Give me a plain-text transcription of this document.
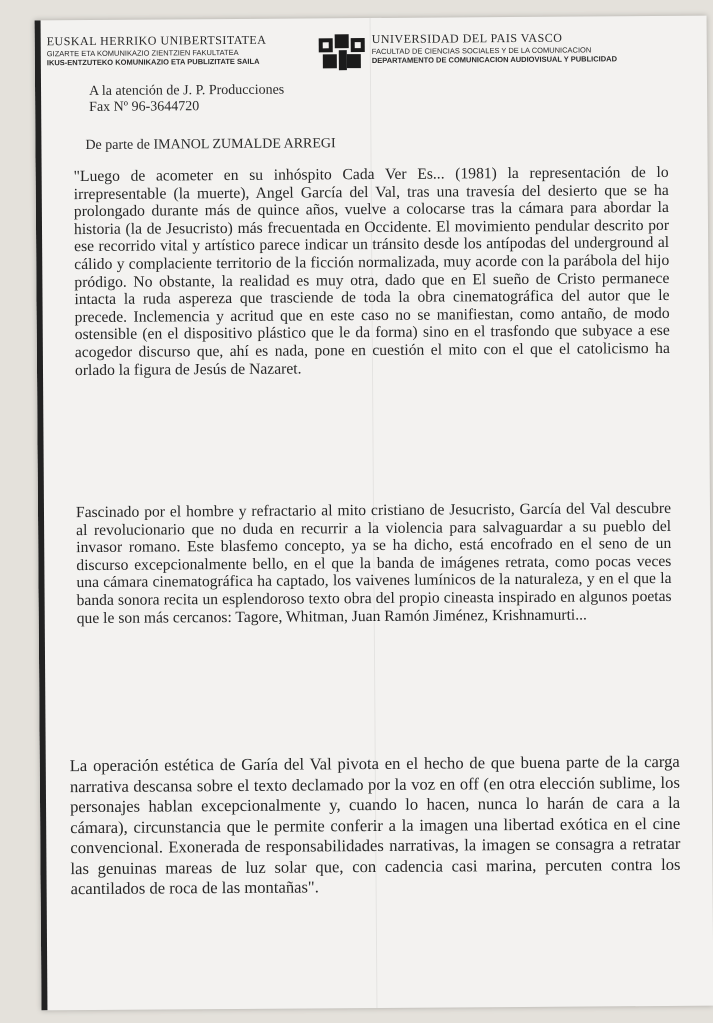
EUSKAL HERRIKO UNIBERTSITATEA
GIZARTE ETA KOMUNIKAZIO ZIENTZIEN FAKULTATEA
IKUS-ENTZUTEKO KOMUNIKAZIO ETA PUBLIZITATE SAILA
UNIVERSIDAD DEL PAIS VASCO
FACULTAD DE CIENCIAS SOCIALES Y DE LA COMUNICACION
DEPARTAMENTO DE COMUNICACION AUDIOVISUAL Y PUBLICIDAD
A la atención de J. P. Producciones
Fax Nº 96-3644720
De parte de IMANOL ZUMALDE ARREGI

"Luego de acometer en su inhóspito Cada Ver Es... (1981) la representación de lo irrepresentable (la muerte), Angel García del Val, tras una travesía del desierto que se ha prolongado durante más de quince años, vuelve a colocarse tras la cámara para abordar la historia (la de Jesucristo) más frecuentada en Occidente. El movimiento pendular descrito por ese recorrido vital y artístico parece indicar un tránsito desde los antípodas del underground al cálido y complaciente territorio de la ficción normalizada, muy acorde con la parábola del hijo pródigo. No obstante, la realidad es muy otra, dado que en El sueño de Cristo permanece intacta la ruda aspereza que trasciende de toda la obra cinematográfica del autor que le precede. Inclemencia y acritud que en este caso no se manifiestan, como antaño, de modo ostensible (en el dispositivo plástico que le da forma) sino en el trasfondo que subyace a ese acogedor discurso que, ahí es nada, pone en cuestión el mito con el que el catolicismo ha orlado la figura de Jesús de Nazaret.

Fascinado por el hombre y refractario al mito cristiano de Jesucristo, García del Val descubre al revolucionario que no duda en recurrir a la violencia para salvaguardar a su pueblo del invasor romano. Este blasfemo concepto, ya se ha dicho, está encofrado en el seno de un discurso excepcionalmente bello, en el que la banda de imágenes retrata, como pocas veces una cámara cinematográfica ha captado, los vaivenes lumínicos de la naturaleza, y en el que la banda sonora recita un esplendoroso texto obra del propio cineasta inspirado en algunos poetas que le son más cercanos: Tagore, Whitman, Juan Ramón Jiménez, Krishnamurti...

La operación estética de Garía del Val pivota en el hecho de que buena parte de la carga narrativa descansa sobre el texto declamado por la voz en off (en otra elección sublime, los personajes hablan excepcionalmente y, cuando lo hacen, nunca lo harán de cara a la cámara), circunstancia que le permite conferir a la imagen una libertad exótica en el cine convencional. Exonerada de responsabilidades narrativas, la imagen se consagra a retratar las genuinas mareas de luz solar que, con cadencia casi marina, percuten contra los acantilados de roca de las montañas".
